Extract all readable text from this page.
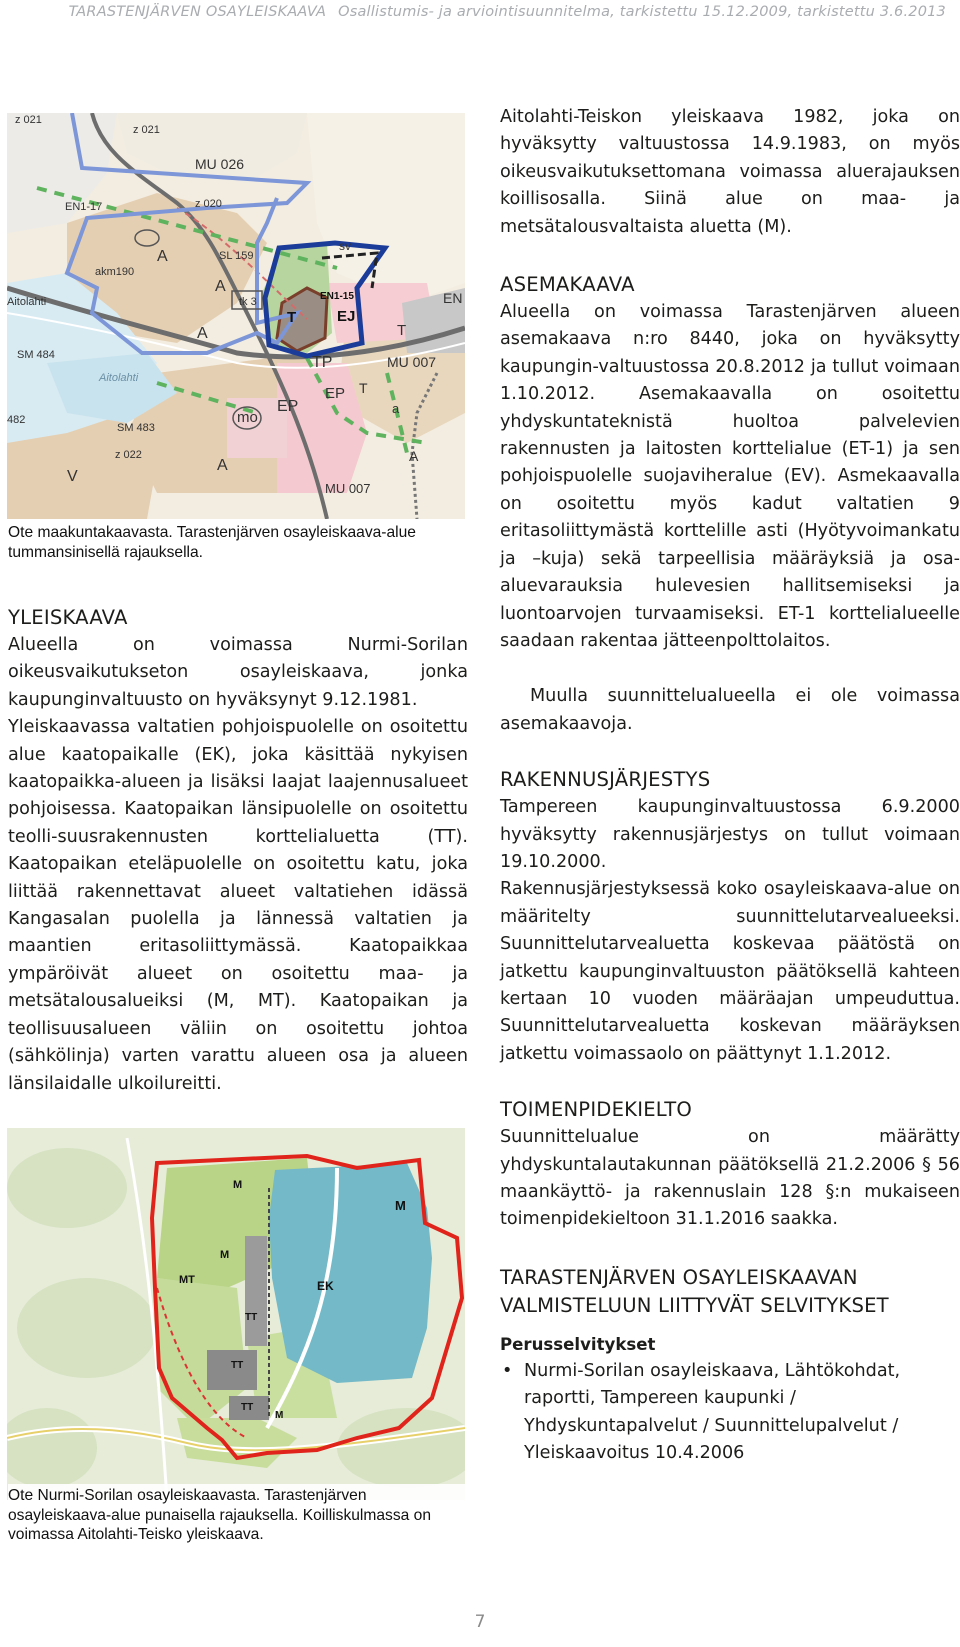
TARASTENJÄRVEN OSAYLEISKAAVA Osallistumis- ja arviointisuunnitelma, tarkistettu 15.12.2009, tarkistettu 3.6.2013
z 021
z 021
MU 026
EN1-17	z 020
A	SL 159
sv
akm190
Aitolahti
SM 484
tk 3	EN1-15
T	EJ
T
EN
TP	MU 007
Aitolahti
mo
EP
EP T
a
SM 483
z 022
A
A
V
MU 007
482
A
A
Ote maakuntakaavasta. Tarastenjärven osayleiskaava-alue tummansinisellä rajauksella.
YLEISKAAVA

Alueella on voimassa Nurmi-Sorilan oikeusvaikutukseton osayleiskaava, jonka kaupunginvaltuusto on hyväksynyt 9.12.1981.

Yleiskaavassa valtatien pohjoispuolelle on osoitettu alue kaatopaikalle (EK), joka käsittää nykyisen kaatopaikka-alueen ja lisäksi laajat laajennusalueet pohjoisessa. Kaatopaikan länsipuolelle on osoitettu teolli-suusrakennusten korttelialuetta (TT). Kaatopaikan eteläpuolelle on osoitettu katu, joka liittää rakennettavat alueet valtatiehen idässä Kangasalan puolella ja lännessä valtatien ja maantien eritasoliittymässä. Kaatopaikkaa ympäröivät alueet on osoitettu maa- ja metsätalousalueiksi (M, MT). Kaatopaikan ja teollisuusalueen väliin on osoitettu johtoa (sähkölinja) varten varattu alueen osa ja alueen länsilaidalle ulkoilureitti.

M
M
M
MT	EK
TT
TT
TT
M
Ote Nurmi-Sorilan osayleiskaavasta. Tarastenjärven osayleiskaava-alue punaisella rajauksella. Koilliskulmassa on voimassa Aitolahti-Teisko yleiskaava.

Aitolahti-Teiskon yleiskaava 1982, joka on hyväksytty valtuustossa 14.9.1983, on myös oikeusvaikutuksettomana voimassa aluerajauksen koillisosalla. Siinä alue on maa- ja metsätalousvaltaista aluetta (M).

ASEMAKAAVA

Alueella on voimassa Tarastenjärven alueen asemakaava n:ro 8440, joka on hyväksytty kaupungin-valtuustossa 20.8.2012 ja tullut voimaan 1.10.2012. Asemakaavalla on osoitettu yhdyskuntateknistä huoltoa palvelevien rakennusten ja laitosten korttelialue (ET-1) ja sen pohjoispuolelle suojaviheralue (EV). Asmekaavalla on osoitettu myös kadut valtatien 9 eritasoliittymästä korttelille asti (Hyötyvoimankatu ja –kuja) sekä tarpeellisia määräyksiä ja osa-aluevarauksia hulevesien hallitsemiseksi ja luontoarvojen turvaamiseksi. ET-1 korttelialueelle saadaan rakentaa jätteenpolttolaitos.

Muulla suunnittelualueella ei ole voimassa asemakaavoja.

RAKENNUSJÄRJESTYS

Tampereen kaupunginvaltuustossa 6.9.2000 hyväksytty rakennusjärjestys on tullut voimaan 19.10.2000.

Rakennusjärjestyksessä koko osayleiskaava-alue on määritelty suunnittelutarvealueeksi. Suunnittelutarvealuetta koskevaa päätöstä on jatkettu kaupunginvaltuuston päätöksellä kahteen kertaan 10 vuoden määräajan umpeuduttua. Suunnittelutarvealuetta koskevan määräyksen jatkettu voimassaolo on päättynyt 1.1.2012.

TOIMENPIDEKIELTO

Suunnittelualue on määrätty yhdyskuntalautakunnan päätöksellä 21.2.2006 § 56 maankäyttö- ja rakennuslain 128 §:n mukaiseen toimenpidekieltoon 31.1.2016 saakka.

TARASTENJÄRVEN OSAYLEISKAAVAN VALMISTELUUN LIITTYVÄT SELVITYKSET
Perusselvitykset
• Nurmi-Sorilan osayleiskaava, Lähtökohdat, raportti, Tampereen kaupunki / Yhdyskuntapalvelut / Suunnittelupalvelut / Yleiskaavoitus 10.4.2006
7
